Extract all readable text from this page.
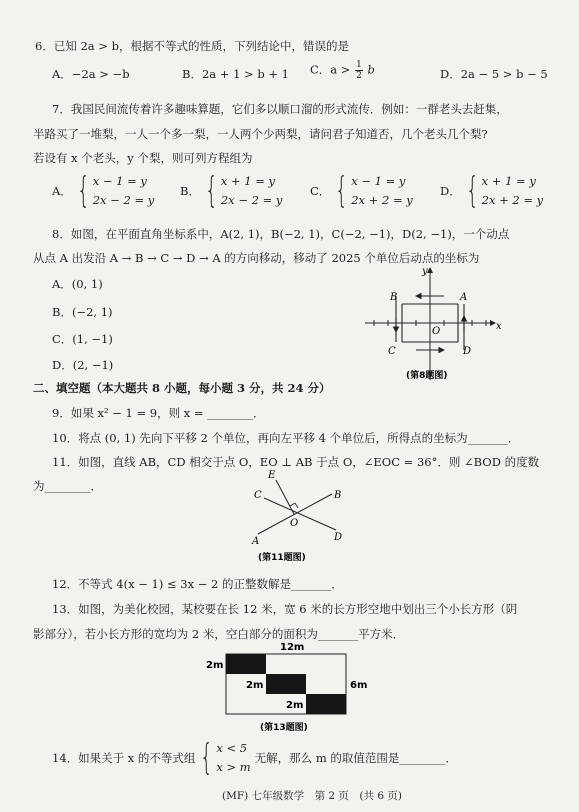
6．已知 2a > b，根据不等式的性质，下列结论中，错误的是
A．−2a > −b	B．2a + 1 > b + 1 C．$a > \frac{1}{2}$ b	D．2a − 5 > b − 5
7．我国民间流传着许多趣味算题，它们多以顺口溜的形式流传．例如：一群老头去赶集，
半路买了一堆梨，一人一个多一梨，一人两个少两梨，请问君子知道否，几个老头几个梨?
若设有 x 个老头，y 个梨，则可列方程组为
A． { x − 1 = y
2x − 2 = y
B． { x + 1 = y
2x − 2 = y
C． { x − 1 = y
2x + 2 = y
D． { x + 1 = y
2x + 2 = y
8．如图，在平面直角坐标系中，A(2, 1)，B(−2, 1)，C(−2, −1)，D(2, −1)，一个动点
从点 A 出发沿 A → B → C → D → A 的方向移动，移动了 2025 个单位后动点的坐标为
A．(0, 1)
B．(−2, 1)
C．(1, −1)
D．(2, −1)
A
B
C	D
O	x
y
(第8题图)
二、填空题（本大题共 8 小题，每小题 3 分，共 24 分）
9．如果 x² − 1 = 9，则 x = ________．
10．将点 (0, 1) 先向下平移 2 个单位，再向左平移 4 个单位后，所得点的坐标为_______．
11．如图，直线 AB，CD 相交于点 O，EO ⊥ AB 于点 O，∠EOC = 36°．则 ∠BOD 的度数
为________．
A
B
C
D
E
O
(第11题图)
12．不等式 4(x − 1) ≤ 3x − 2 的正整数解是_______．
13．如图，为美化校园，某校要在长 12 米，宽 6 米的长方形空地中划出三个小长方形（阴
影部分），若小长方形的宽均为 2 米，空白部分的面积为_______平方米．
12m
2m
2m
2m
6m
(第13题图)
14．如果关于 x 的不等式组 { x < 5
x > m
无解，那么 m 的取值范围是________．
(MF) 七年级数学　第 2 页　(共 6 页)
